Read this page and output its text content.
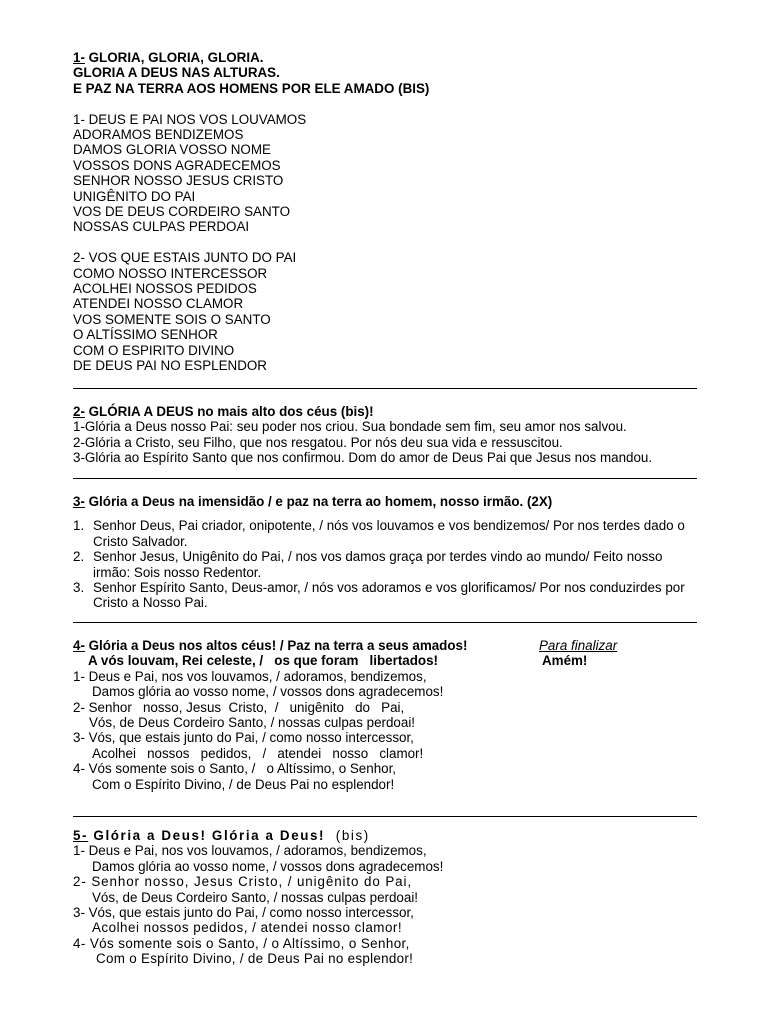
1- GLORIA, GLORIA, GLORIA.
GLORIA A DEUS NAS ALTURAS.
E PAZ NA TERRA AOS HOMENS POR ELE AMADO (BIS)
1- DEUS E PAI NOS VOS LOUVAMOS
ADORAMOS BENDIZEMOS
DAMOS GLORIA VOSSO NOME
VOSSOS DONS AGRADECEMOS
SENHOR NOSSO JESUS CRISTO
UNIGÊNITO DO PAI
VOS DE DEUS CORDEIRO SANTO
NOSSAS CULPAS PERDOAI
2- VOS QUE ESTAIS JUNTO DO PAI
COMO NOSSO INTERCESSOR
ACOLHEI NOSSOS PEDIDOS
ATENDEI NOSSO CLAMOR
VOS SOMENTE SOIS O SANTO
O ALTÍSSIMO SENHOR
COM O ESPIRITO DIVINO
DE DEUS PAI NO ESPLENDOR
2- GLÓRIA A DEUS no mais alto dos céus (bis)!
1-Glória a Deus nosso Pai: seu poder nos criou. Sua bondade sem fim, seu amor nos salvou.
2-Glória a Cristo, seu Filho, que nos resgatou. Por nós deu sua vida e ressuscitou.
3-Glória ao Espírito Santo que nos confirmou. Dom do amor de Deus Pai que Jesus nos mandou.
3- Glória a Deus na imensidão / e paz na terra ao homem, nosso irmão. (2X)
1. Senhor Deus, Pai criador, onipotente, / nós vos louvamos e vos bendizemos/ Por nos terdes dado o Cristo Salvador.
2. Senhor Jesus, Unigênito do Pai, / nos vos damos graça por terdes vindo ao mundo/ Feito nosso irmão: Sois nosso Redentor.
3. Senhor Espírito Santo, Deus-amor, / nós vos adoramos e vos glorificamos/ Por nos conduzirdes por Cristo a Nosso Pai.
4- Glória a Deus nos altos céus! / Paz na terra a seus amados!
A vós louvam, Rei celeste, /   os que foram   libertados!
1- Deus e Pai, nos vos louvamos, / adoramos, bendizemos,
Damos glória ao vosso nome, / vossos dons agradecemos!
2- Senhor   nosso, Jesus  Cristo,  /   unigênito   do   Pai,
Vós, de Deus Cordeiro Santo, / nossas culpas perdoai!
3- Vós, que estais junto do Pai, / como nosso intercessor,
Acolhei   nossos   pedidos,   /   atendei   nosso   clamor!
4- Vós somente sois o Santo, /   o Altíssimo, o Senhor,
Com o Espírito Divino, / de Deus Pai no esplendor!
Para finalizar
Amém!
5- Glória a Deus! Glória a Deus! (bis)
1- Deus e Pai, nos vos louvamos, / adoramos, bendizemos,
Damos glória ao vosso nome, / vossos dons agradecemos!
2- Senhor nosso, Jesus Cristo, / unigênito do Pai,
Vós, de Deus Cordeiro Santo, / nossas culpas perdoai!
3- Vós, que estais junto do Pai, / como nosso intercessor,
Acolhei nossos pedidos, / atendei nosso clamor!
4- Vós somente sois o Santo, / o Altíssimo, o Senhor,
Com o Espírito Divino, / de Deus Pai no esplendor!
